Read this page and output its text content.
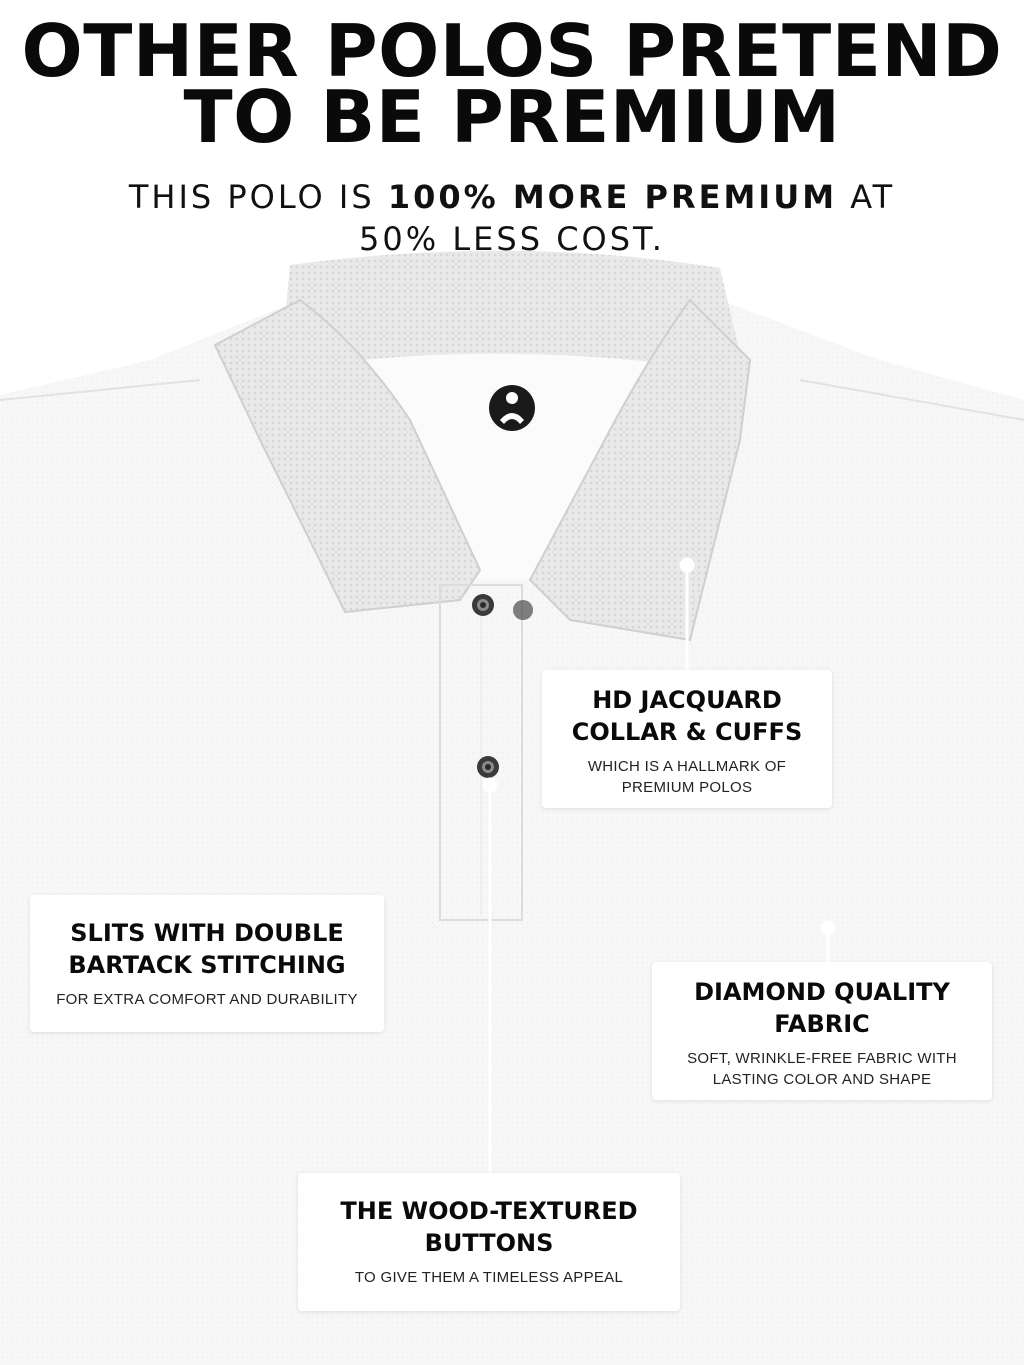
OTHER POLOS PRETEND
TO BE PREMIUM
THIS POLO IS 100% MORE PREMIUM AT
50% LESS COST.
HD JACQUARD
COLLAR & CUFFS
WHICH IS A HALLMARK OF
PREMIUM POLOS
SLITS WITH DOUBLE
BARTACK STITCHING
FOR EXTRA COMFORT AND DURABILITY	DIAMOND QUALITY
FABRIC
SOFT, WRINKLE-FREE FABRIC WITH
LASTING COLOR AND SHAPE
THE WOOD-TEXTURED
BUTTONS
TO GIVE THEM A TIMELESS APPEAL
